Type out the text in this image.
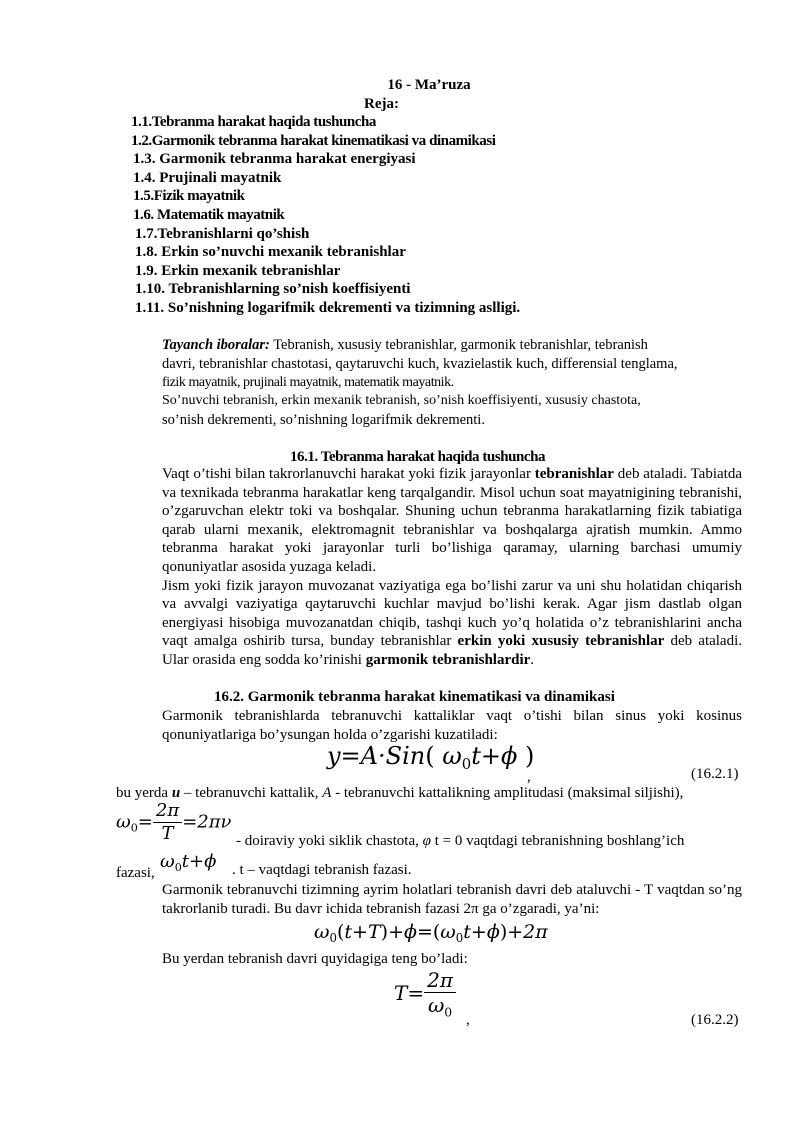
16 - Ma’ruza
Reja:
1.1.Tebranma harakat haqida tushuncha
1.2.Garmonik tebranma harakat kinematikasi va dinamikasi
1.3. Garmonik tebranma harakat energiyasi
1.4. Prujinali mayatnik
1.5.Fizik mayatnik
1.6. Matematik mayatnik
1.7.Tebranishlarni qo’shish
1.8. Erkin so’nuvchi mexanik tebranishlar
1.9. Erkin mexanik tebranishlar
1.10. Tebranishlarning so’nish koeffisiyenti
1.11. So’nishning logarifmik dekrementi va tizimning aslligi.
Tayanch iboralar: Tebranish, xususiy tebranishlar, garmonik tebranishlar, tebranish
davri, tebranishlar chastotasi, qaytaruvchi kuch, kvazielastik kuch, differensial tenglama,
fizik mayatnik, prujinali mayatnik, matematik mayatnik.
So’nuvchi tebranish, erkin mexanik tebranish, so’nish koeffisiyenti, xususiy chastota,
so’nish dekrementi, so’nishning logarifmik dekrementi.
16.1. Tebranma harakat haqida tushuncha
Vaqt o’tishi bilan takrorlanuvchi harakat yoki fizik jarayonlar tebranishlar deb ataladi. Tabiatda va texnikada tebranma harakatlar keng tarqalgandir. Misol uchun soat mayatnigining tebranishi, o’zgaruvchan elektr toki va boshqalar. Shuning uchun tebranma harakatlarning fizik tabiatiga qarab ularni mexanik, elektromagnit tebranishlar va boshqalarga ajratish mumkin. Ammo tebranma harakat yoki jarayonlar turli bo’lishiga qaramay, ularning barchasi umumiy qonuniyatlar asosida yuzaga keladi.
Jism yoki fizik jarayon muvozanat vaziyatiga ega bo’lishi zarur va uni shu holatidan chiqarish va avvalgi vaziyatiga qaytaruvchi kuchlar mavjud bo’lishi kerak. Agar jism dastlab olgan energiyasi hisobiga muvozanatdan chiqib, tashqi kuch yo’q holatida o’z tebranishlarini ancha vaqt amalga oshirib tursa, bunday tebranishlar erkin yoki xususiy tebranishlar deb ataladi. Ular orasida eng sodda ko’rinishi garmonik tebranishlardir.
16.2. Garmonik tebranma harakat kinematikasi va dinamikasi
Garmonik tebranishlarda tebranuvchi kattaliklar vaqt o’tishi bilan sinus yoki kosinus qonuniyatlariga bo’ysungan holda o’zgarishi kuzatiladi:
y=A·Sin( $\omega_0t+\phi$ )
,	(16.2.1)
bu yerda u – tebranuvchi kattalik, A - tebranuvchi kattalikning amplitudasi (maksimal siljishi),
$\omega_0= \frac{2\pi}{T} =2\pi\nu$
- doiraviy yoki siklik chastota, φ t = 0 vaqtdagi tebranishning boshlang’ich
fazasi,
$\omega_0t+\phi$ . t – vaqtdagi tebranish fazasi.
Garmonik tebranuvchi tizimning ayrim holatlari tebranish davri deb ataluvchi - T vaqtdan so’ng takrorlanib turadi. Bu davr ichida tebranish fazasi 2π ga o’zgaradi, ya’ni:
$\omega_0(t+T)+\phi=(\omega_0t+\phi)+2\pi$
Bu yerdan tebranish davri quyidagiga teng bo’ladi:
$T= \frac{2\pi}{\omega_0}$ ,	(16.2.2)
